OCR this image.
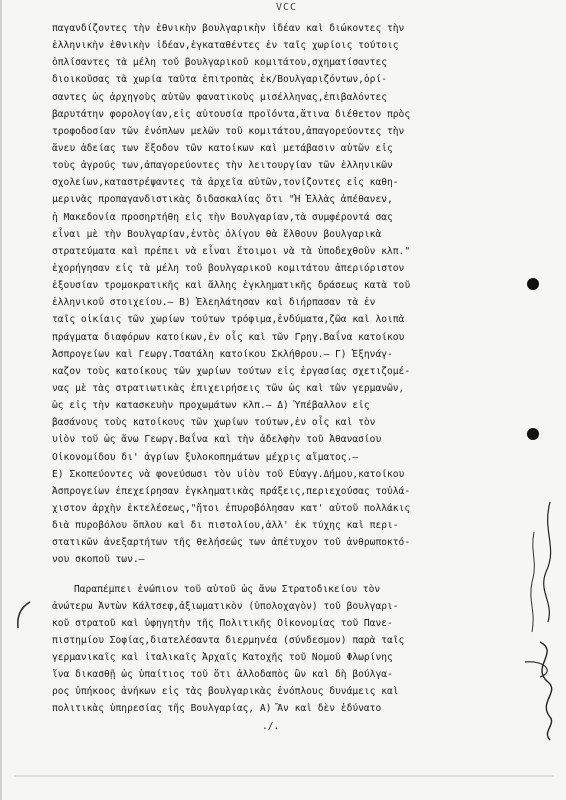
VCC
παγανδίζοντες τὴν ἐθνικὴν βουλγαρικὴν ἰδέαν καὶ διώκοντες τὴν
ἑλληνικὴν ἐθνικὴν ἰδέαν,ἐγκαταθέντες ἐν ταῖς χωρίοις τούτοις
ὁπλίσαντες τὰ μέλη τοῦ βουλγαρικοῦ κομιτάτου,σχηματίσαντες
διοικοῦσας τὰ χωρία ταῦτα ἐπιτροπὰς ἐκ/Βουλγαριζόντων,ὁρί-
σαντες ὡς ἀρχηγοὺς αὐτῶν φανατικοὺς μισέλληνας,ἐπιβαλόντες
βαρυτάτην φορολογίαν,εἰς αὐτουσία προϊόντα,ἅτινα διέθετον πρὸς
τροφοδοσίαν τῶν ἐνόπλων μελῶν τοῦ κομιτάτου,ἀπαγορεύοντες τὴν
ἄνευ ἀδείας των ἔξοδον τῶν κατοίκων καὶ μετάβασιν αὐτῶν εἰς
τοὺς ἀγρούς των,ἀπαγορεύοντες τὴν λειτουργίαν τῶν ἑλληνικῶν
σχολείων,καταστρέψαντες τὰ ἀρχεῖα αὐτῶν,τονίζοντες εἰς καθη-
μερινὰς προπαγανδιστικὰς διδασκαλίας ὅτι "Ἡ Ἑλλὰς ἀπέθανεν,
ἡ Μακεδονία προσηρτήθη εἰς τὴν Βουλγαρίαν,τὰ συμφέροντά σας
εἶναι μὲ τὴν Βουλγαρίαν,ἐντὸς ὀλίγου θὰ ἔλθουν βουλγαρικὰ
στρατεύματα καὶ πρέπει νὰ εἶναι ἕτοιμοι νὰ τὰ ὑποδεχθοῦν κλπ."
ἐχορήγησαν εἰς τὰ μέλη τοῦ βουλγαρικοῦ κομιτάτου ἀπεριόριστον
ἐξουσίαν τρομοκρατικῆς καὶ ἄλλης ἐγκληματικῆς δράσεως κατὰ τοῦ
ἑλληνικοῦ στοιχείου.— Β) Ἐλεηλάτησαν καὶ διήρπασαν τὰ ἐν
ταῖς οἰκίαις τῶν χωρίων τούτων τρόφιμα,ἐνδύματα,ζῶα καὶ λοιπὰ
πράγματα διαφόρων κατοίκων,ἐν οἷς καὶ τῶν Γρηγ.Βαΐνα κατοίκου
Ἀσπρογείων καὶ Γεωργ.Τσατάλη κατοίκου Σκλήθρου.— Γ) Ἐξηνάγ-
καζον τοὺς κατοίκους τῶν χωρίων τούτων εἰς ἐργασίας σχετιζομέ-
νας μὲ τὰς στρατιωτικὰς ἐπιχειρήσεις τῶν ὡς καὶ τῶν γερμανῶν,
ὡς εἰς τὴν κατασκευὴν προχωμάτων κλπ.— Δ) Ὑπέβαλλον εἰς
βασάνους τοὺς κατοίκους τῶν χωρίων τούτων,ἐν οἷς καὶ τὸν
υἱὸν τοῦ ὡς ἄνω Γεωργ.Βαΐνα καὶ τὴν ἀδελφὴν τοῦ Ἀθανασίου
Οἰκονομίδου δι' ἀγρίων ξυλοκοπημάτων μέχρις αἵματος.—
Ε) Σκοπεύοντες νὰ φονεύσωσι τὸν υἱὸν τοῦ Εὐαγγ.Δήμου,κατοίκου
Ἀσπρογείων ἐπεχείρησαν ἐγκληματικὰς πράξεις,περιεχούσας τοὐλά-
χιστον ἀρχὴν ἐκτελέσεως,"ἤτοι ἐπυροβόλησαν κατ' αὐτοῦ πολλάκις
διὰ πυροβόλου ὅπλου καὶ δι πιστολίου,ἀλλ' ἐκ τύχης καὶ περι-
στατικῶν ἀνεξαρτήτων τῆς θελήσεώς των ἀπέτυχον τοῦ ἀνθρωποκτό-
νου σκοποῦ των.—
Παραπέμπει ἐνώπιον τοῦ αὐτοῦ ὡς ἄνω Στρατοδικείου τὸν
ἀνώτερω Ἀντὼν Κάλτσεφ,ἀξιωματικὸν (ὑπολοχαγὸν) τοῦ βουλγαρι-
κοῦ στρατοῦ καὶ ὑφηγητὴν τῆς Πολιτικῆς Οἰκονομίας τοῦ Πανε-
πιστημίου Σοφίας,διατελέσαντα διερμηνέα (σύνδεσμον) παρὰ ταῖς
γερμανικαῖς καὶ ἰταλικαῖς Ἀρχαῖς Κατοχῆς τοῦ Νομοῦ Φλωρίνης
ἵνα δικασθῇ ὡς ὑπαίτιος τοῦ ὅτι ἀλλοδαπὸς ὢν καὶ δὴ βούλγα-
ρος ὑπήκοος ἀνήκων εἰς τὰς βουλγαρικὰς ἐνόπλους δυνάμεις καὶ
πολιτικὰς ὑπηρεσίας τῆς Βουλγαρίας, Α) Ἂν καὶ δὲν ἐδύνατο
./.
